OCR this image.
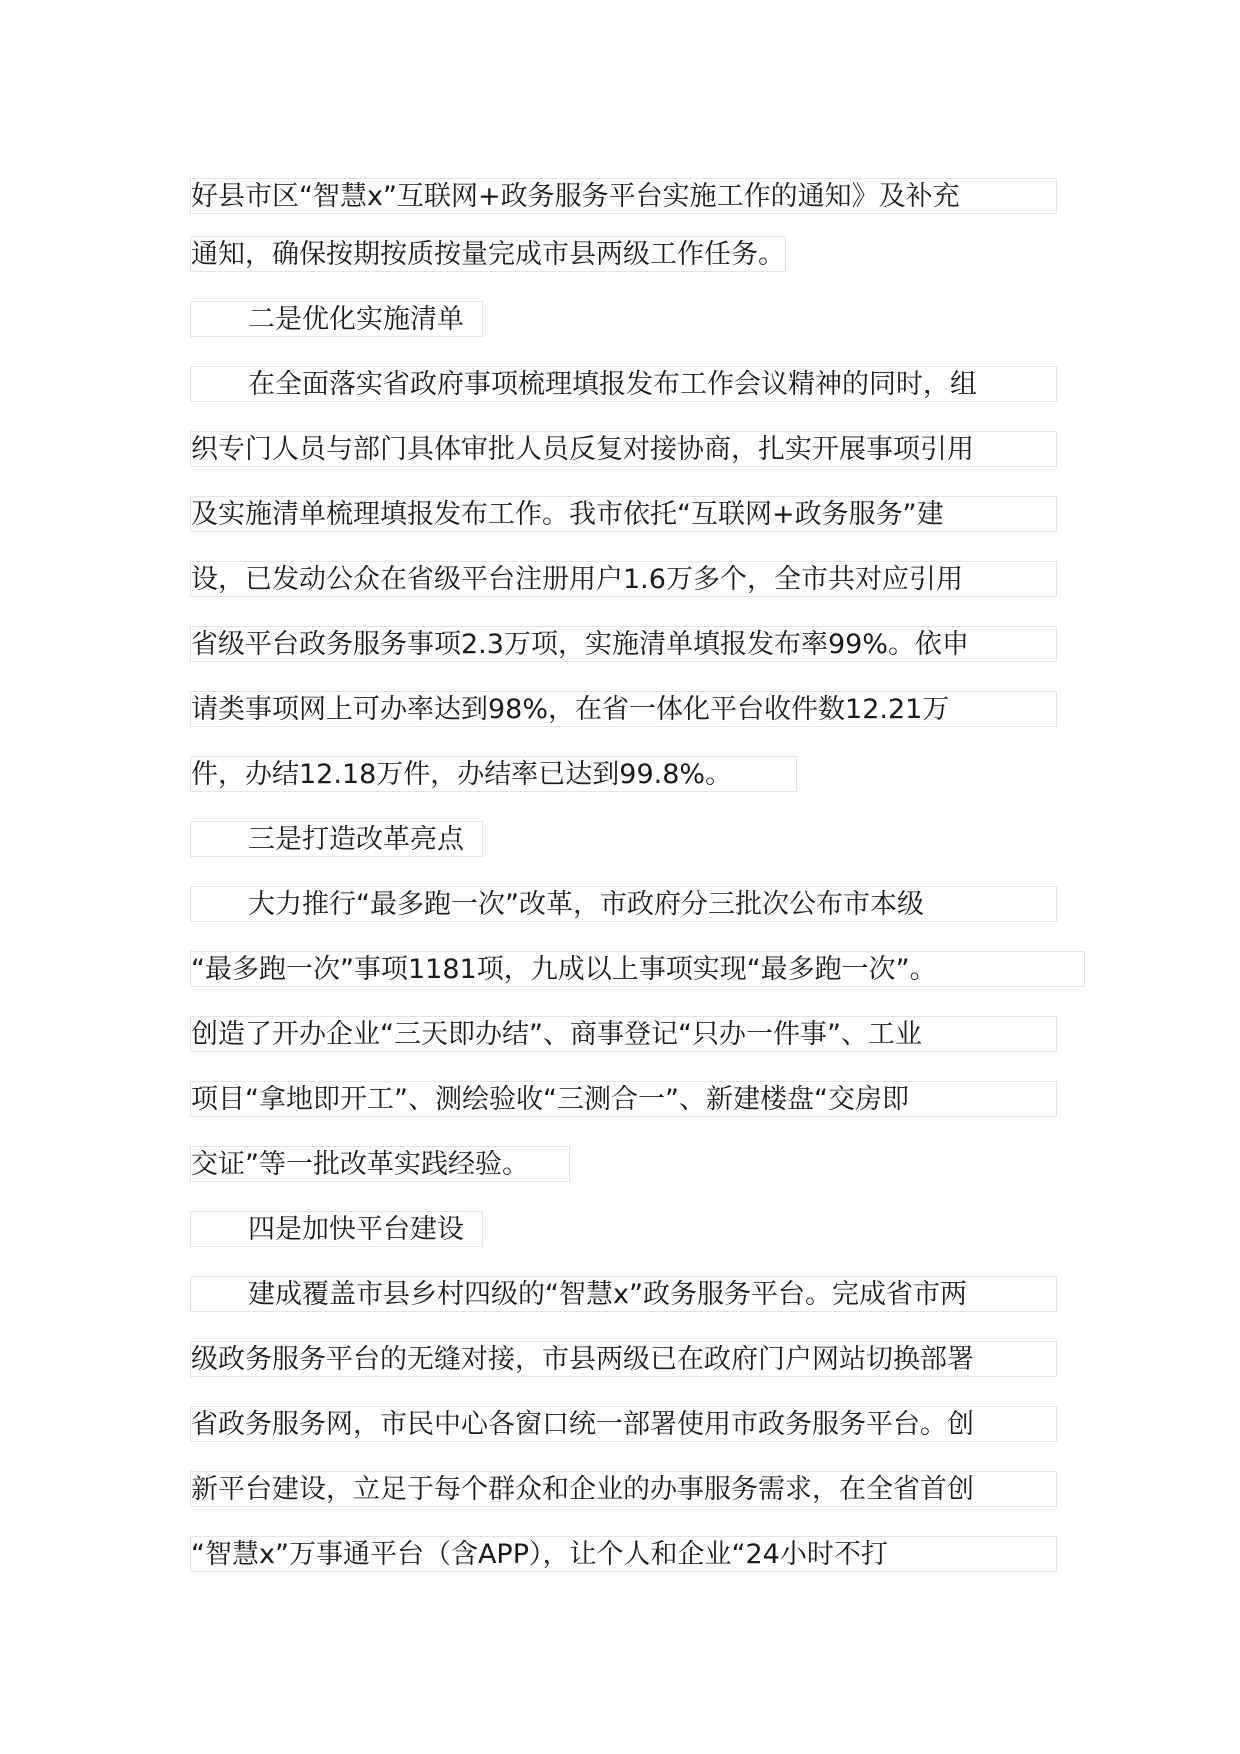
好县市区“智慧x”互联网+政务服务平台实施工作的通知》及补充
通知，确保按期按质按量完成市县两级工作任务。
二是优化实施清单
在全面落实省政府事项梳理填报发布工作会议精神的同时，组
织专门人员与部门具体审批人员反复对接协商，扎实开展事项引用
及实施清单梳理填报发布工作。我市依托“互联网+政务服务”建
设，已发动公众在省级平台注册用户1.6万多个，全市共对应引用
省级平台政务服务事项2.3万项，实施清单填报发布率99%。依申
请类事项网上可办率达到98%，在省一体化平台收件数12.21万
件，办结12.18万件，办结率已达到99.8%。
三是打造改革亮点
大力推行“最多跑一次”改革，市政府分三批次公布市本级
“最多跑一次”事项1181项，九成以上事项实现“最多跑一次”。
创造了开办企业“三天即办结”、商事登记“只办一件事”、工业
项目“拿地即开工”、测绘验收“三测合一”、新建楼盘“交房即
交证”等一批改革实践经验。
四是加快平台建设
建成覆盖市县乡村四级的“智慧x”政务服务平台。完成省市两
级政务服务平台的无缝对接，市县两级已在政府门户网站切换部署
省政务服务网，市民中心各窗口统一部署使用市政务服务平台。创
新平台建设，立足于每个群众和企业的办事服务需求，在全省首创
“智慧x”万事通平台（含APP），让个人和企业“24小时不打
